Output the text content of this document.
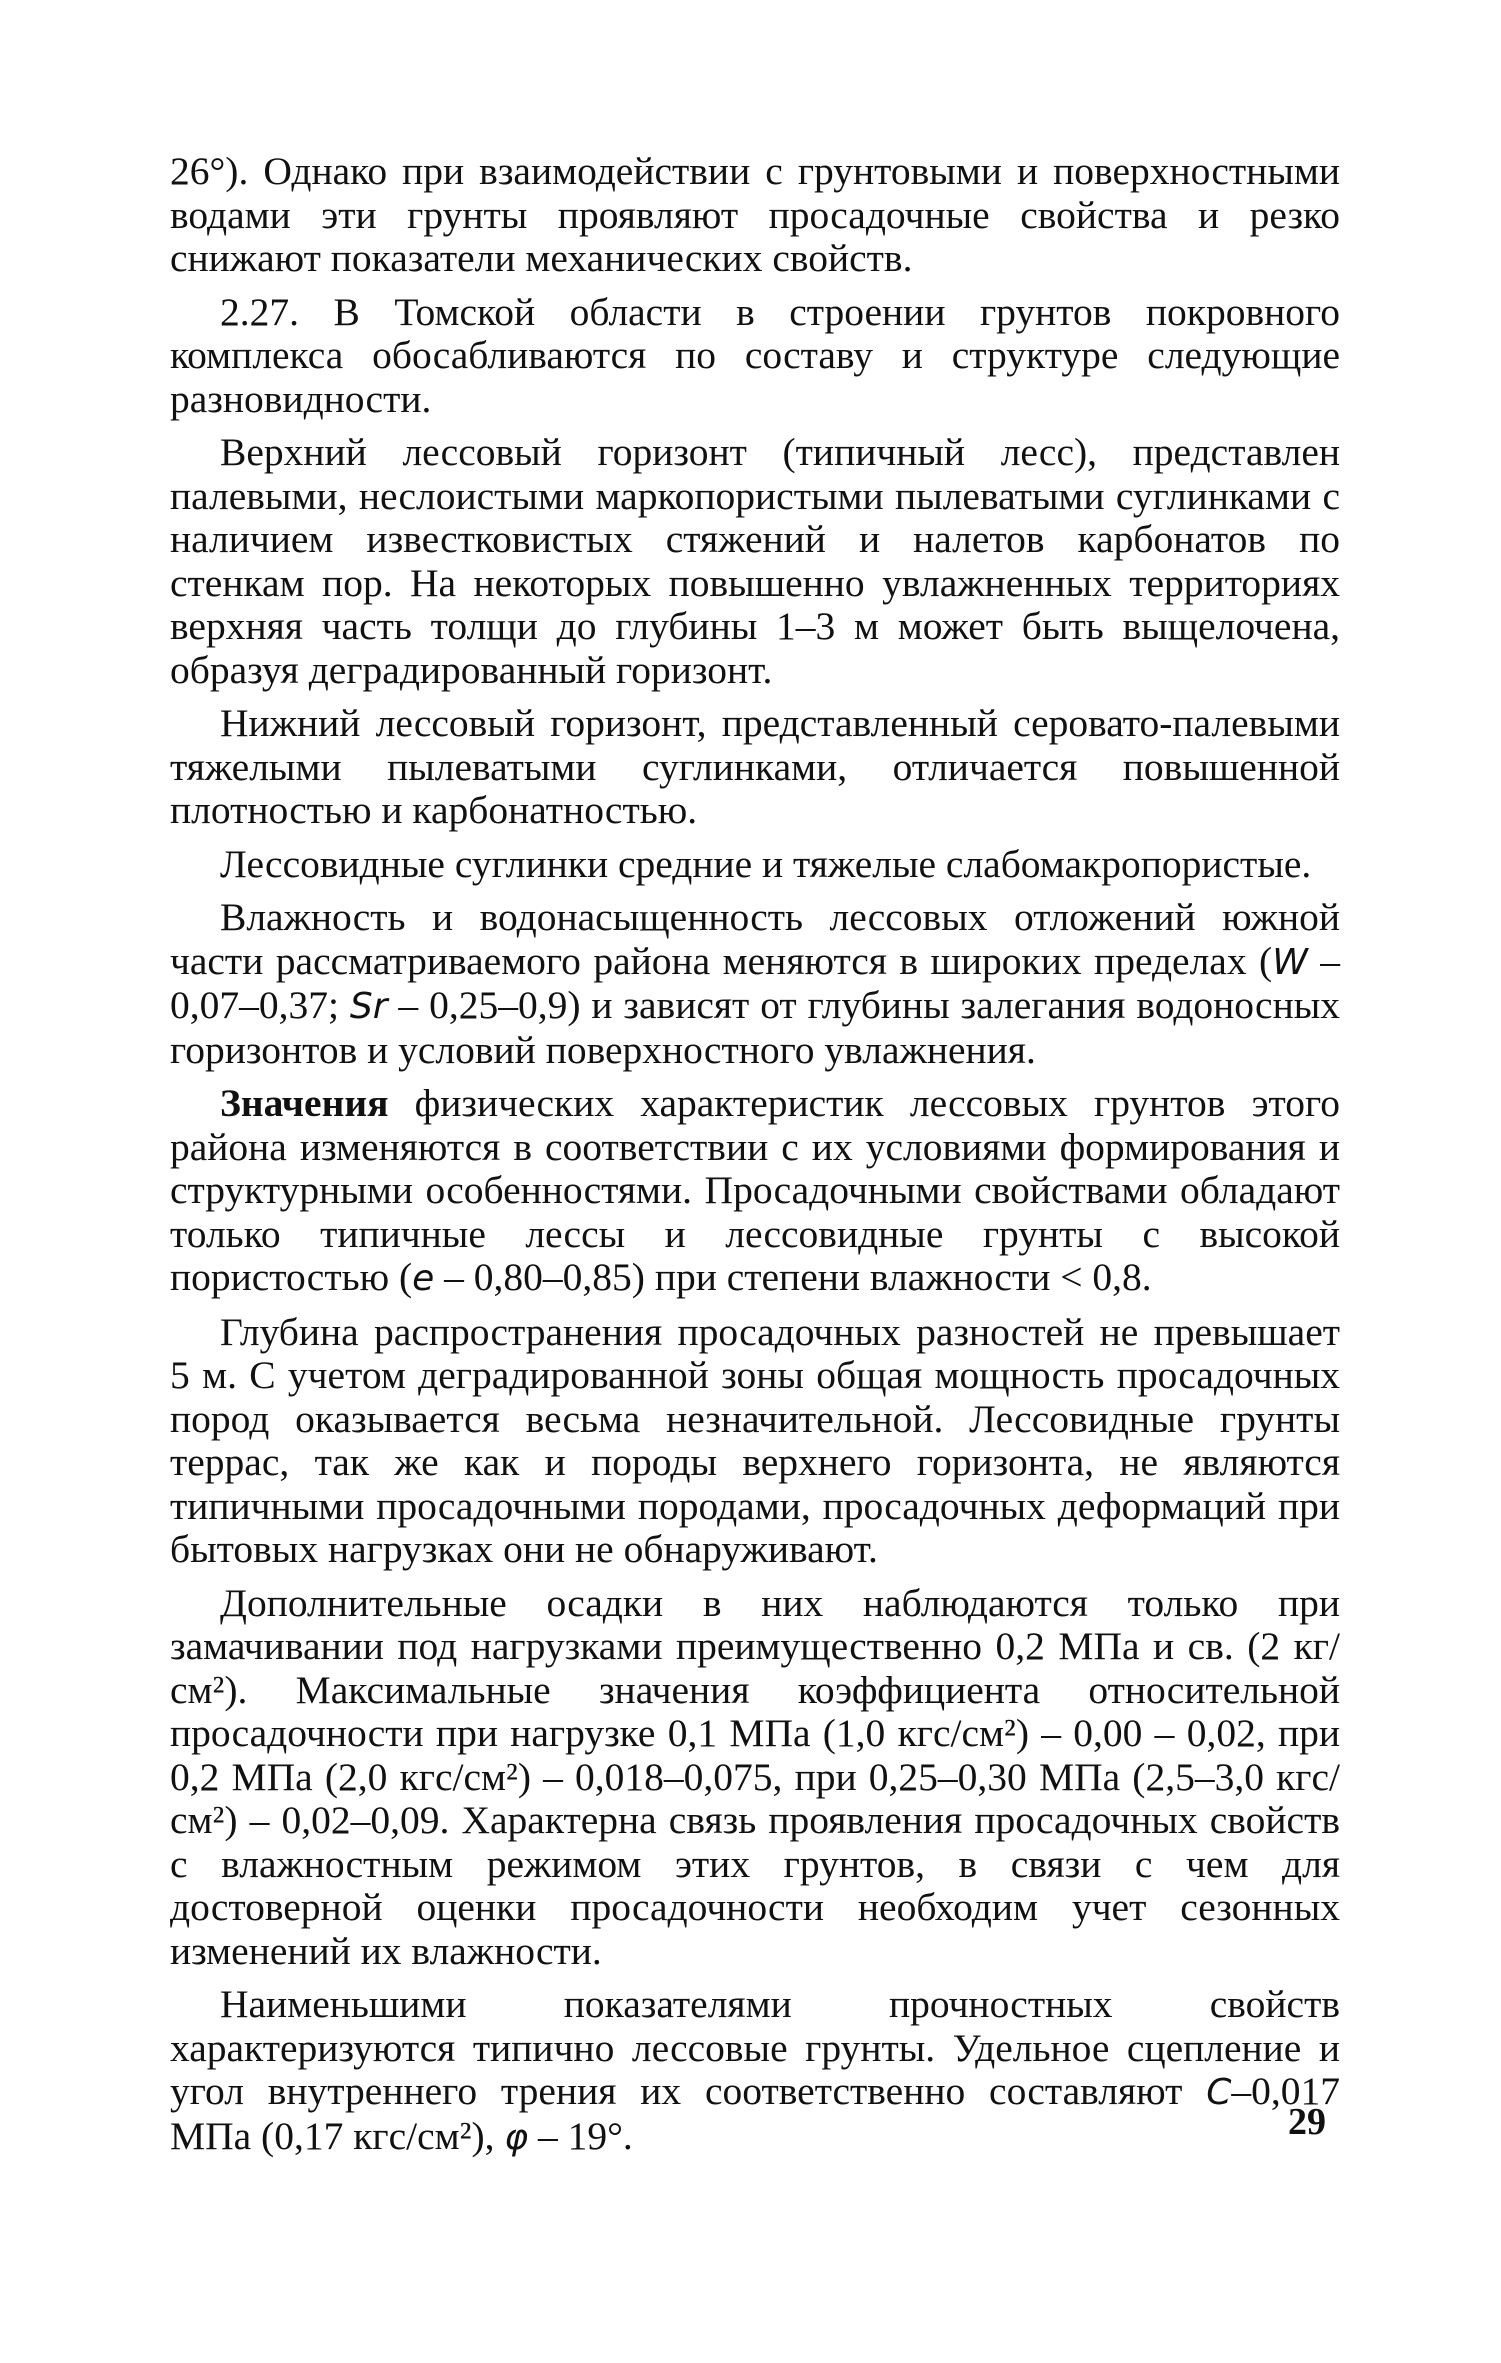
26°). Однако при взаимодействии с грунтовыми и поверхностными водами эти грунты проявляют просадочные свойства и резко снижают показатели механических свойств.

2.27. В Томской области в строении грунтов покровного комплекса обосабливаются по составу и структуре следующие разновидности.

Верхний лессовый горизонт (типичный лесс), представлен палевыми, неслоистыми маркопористыми пылеватыми суглинками с наличием известковистых стяжений и налетов карбонатов по стенкам пор. На некоторых повышенно увлажненных территориях верхняя часть толщи до глубины 1–3 м может быть выщелочена, образуя деградированный горизонт.

Нижний лессовый горизонт, представленный серовато-палевыми тяжелыми пылеватыми суглинками, отличается повышенной плотностью и карбонатностью.

Лессовидные суглинки средние и тяжелые слабомакропористые.

Влажность и водонасыщенность лессовых отложений южной части рассматриваемого района меняются в широких пределах (W – 0,07–0,37; Sr – 0,25–0,9) и зависят от глубины залегания водоносных горизонтов и условий поверхностного увлажнения.

Значения физических характеристик лессовых грунтов этого района изменяются в соответствии с их условиями формирования и структурными особенностями. Просадочными свойствами обладают только типичные лессы и лессовидные грунты с высокой пористостью (e – 0,80–0,85) при степени влажности < 0,8.

Глубина распространения просадочных разностей не превышает 5 м. С учетом деградированной зоны общая мощность просадочных пород оказывается весьма незначительной. Лессовидные грунты террас, так же как и породы верхнего горизонта, не являются типичными просадочными породами, просадочных деформаций при бытовых нагрузках они не обнаруживают.

Дополнительные осадки в них наблюдаются только при замачивании под нагрузками преимущественно 0,2 МПа и св. (2 кг/см²). Максимальные значения коэффициента относительной просадочности при нагрузке 0,1 МПа (1,0 кгс/см²) – 0,00 – 0,02, при 0,2 МПа (2,0 кгс/см²) – 0,018–0,075, при 0,25–0,30 МПа (2,5–3,0 кгс/см²) – 0,02–0,09. Характерна связь проявления просадочных свойств с влажностным режимом этих грунтов, в связи с чем для достоверной оценки просадочности необходим учет сезонных изменений их влажности.

Наименьшими показателями прочностных свойств характеризуются типично лессовые грунты. Удельное сцепление и угол внутреннего трения их соответственно составляют C–0,017 МПа (0,17 кгс/см²), φ – 19°.	29
